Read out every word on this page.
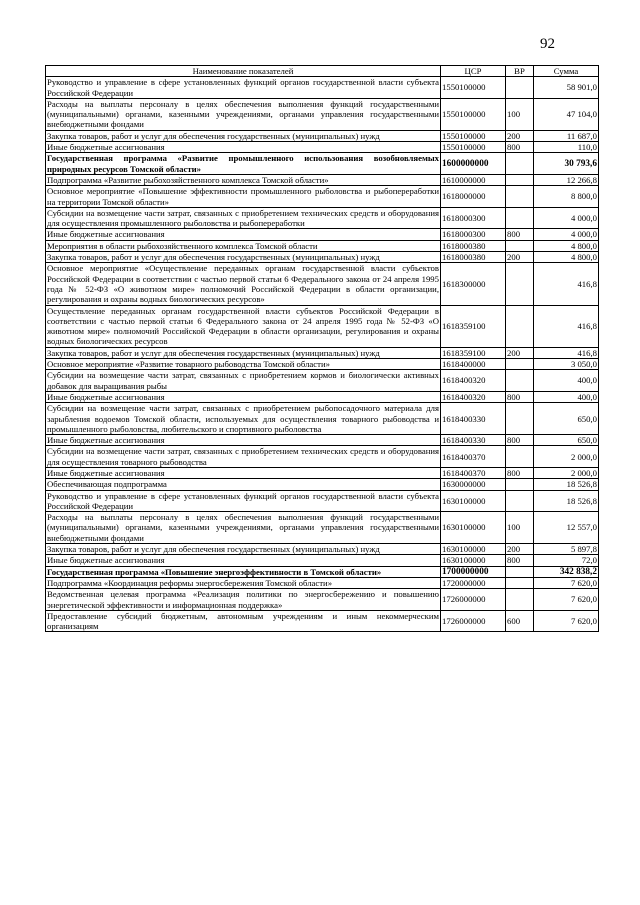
92
Наименование показателей	ЦСР	ВР	Сумма
Руководство и управление в сфере установленных функций органов государственной власти субъекта Российской Федерации	1550100000		58 901,0
Расходы на выплаты персоналу в целях обеспечения выполнения функций государственными (муниципальными) органами, казенными учреждениями, органами управления государственными внебюджетными фондами	1550100000	100	47 104,0
Закупка товаров, работ и услуг для обеспечения государственных (муниципальных) нужд	1550100000	200	11 687,0
Иные бюджетные ассигнования	1550100000	800	110,0
Государственная программа «Развитие промышленного использования возобновляемых природных ресурсов Томской области»	1600000000		30 793,6
Подпрограмма «Развитие рыбохозяйственного комплекса Томской области»	1610000000		12 266,8
Основное мероприятие «Повышение эффективности промышленного рыболовства и рыбопереработки на территории Томской области»	1618000000		8 800,0
Субсидии на возмещение части затрат, связанных с приобретением технических средств и оборудования для осуществления промышленного рыболовства и рыбопереработки	1618000300		4 000,0
Иные бюджетные ассигнования	1618000300	800	4 000,0
Мероприятия в области рыбохозяйственного комплекса Томской области	1618000380		4 800,0
Закупка товаров, работ и услуг для обеспечения государственных (муниципальных) нужд	1618000380	200	4 800,0
Основное мероприятие «Осуществление переданных органам государственной власти субъектов Российской Федерации в соответствии с частью первой статьи 6 Федерального закона от 24 апреля 1995 года № 52-ФЗ «О животном мире» полномочий Российской Федерации в области организации, регулирования и охраны водных биологических ресурсов»	1618300000		416,8
Осуществление переданных органам государственной власти субъектов Российской Федерации в соответствии с частью первой статьи 6 Федерального закона от 24 апреля 1995 года № 52-ФЗ «О животном мире» полномочий Российской Федерации в области организации, регулирования и охраны водных биологических ресурсов	1618359100		416,8
Закупка товаров, работ и услуг для обеспечения государственных (муниципальных) нужд	1618359100	200	416,8
Основное мероприятие «Развитие товарного рыбоводства Томской области»	1618400000		3 050,0
Субсидии на возмещение части затрат, связанных с приобретением кормов и биологически активных добавок для выращивания рыбы	1618400320		400,0
Иные бюджетные ассигнования	1618400320	800	400,0
Субсидии на возмещение части затрат, связанных с приобретением рыбопосадочного материала для зарыбления водоемов Томской области, используемых для осуществления товарного рыбоводства и промышленного рыболовства, любительского и спортивного рыболовства	1618400330		650,0
Иные бюджетные ассигнования	1618400330	800	650,0
Субсидии на возмещение части затрат, связанных с приобретением технических средств и оборудования для осуществления товарного рыбоводства	1618400370		2 000,0
Иные бюджетные ассигнования	1618400370	800	2 000,0
Обеспечивающая подпрограмма	1630000000		18 526,8
Руководство и управление в сфере установленных функций органов государственной власти субъекта Российской Федерации	1630100000		18 526,8
Расходы на выплаты персоналу в целях обеспечения выполнения функций государственными (муниципальными) органами, казенными учреждениями, органами управления государственными внебюджетными фондами	1630100000	100	12 557,0
Закупка товаров, работ и услуг для обеспечения государственных (муниципальных) нужд	1630100000	200	5 897,8
Иные бюджетные ассигнования	1630100000	800	72,0
Государственная программа «Повышение энергоэффективности в Томской области»	1700000000		342 838,2
Подпрограмма «Координация реформы энергосбережения Томской области»	1720000000		7 620,0
Ведомственная целевая программа «Реализация политики по энергосбережению и повышению энергетической эффективности и информационная поддержка»	1726000000		7 620,0
Предоставление субсидий бюджетным, автономным учреждениям и иным некоммерческим организациям	1726000000	600	7 620,0
